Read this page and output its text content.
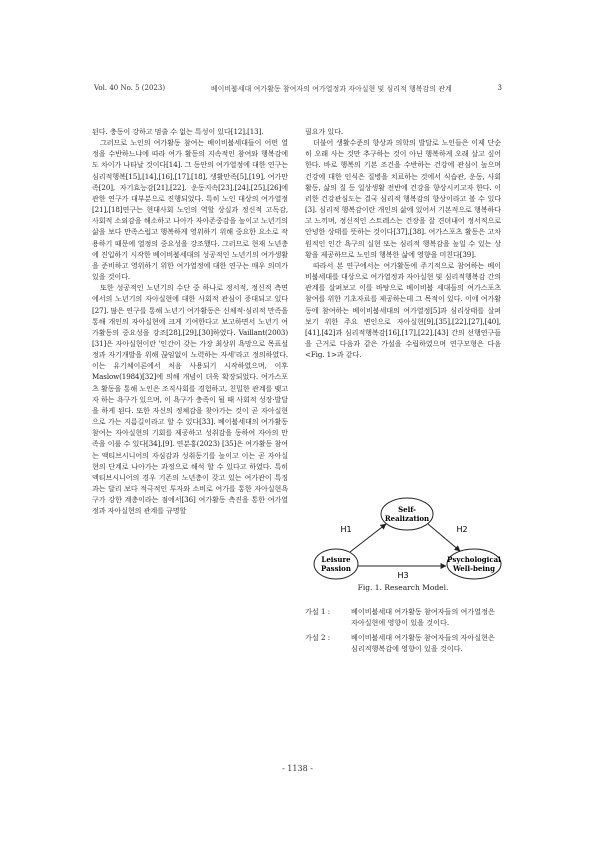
Vol. 40 No. 5 (2023)	베이비붐세대 여가활동 참여자의 여가열정과 자아실현 및 심리적 행복감의 관계	3

된다. 충동이 강하고 멈출 수 없는 특성이 있다[12],[13].

그러므로 노인의 여가활동 참여는 베이비붐세대들이 어떤 열정을 수반하느냐에 따라 여가 활동의 지속적인 참여와 행복감에도 차이가 나타날 것이다[14]. 그 동안의 여가열정에 대한 연구는 심리적행복[15],[14],[16],[17],[18], 생활만족[5],[19], 여가만족[20], 자기효능감[21],[22], 운동지속[23],[24],[25],[26]에 관한 연구가 대부분으로 진행되었다. 특히 노인 대상의 여가열정[21],[18]연구는 현대사회 노인의 역할 상실과 정신적 고독감, 사회적 소외감을 해소하고 나아가 자아존중감을 높이고 노년기의 삶을 보다 만족스럽고 행복하게 영위하기 위해 중요한 요소로 작용하기 때문에 열정의 중요성을 강조했다. 그러므로 현재 노년층에 진입하기 시작한 베이비붐세대의 성공적인 노년기의 여가생활을 준비하고 영위하기 위한 여가열정에 대한 연구는 매우 의미가 있을 것이다.

또한 성공적인 노년기의 수단 중 하나로 정서적, 정신적 측면에서의 노년기의 자아실현에 대한 사회적 관심이 증대되고 있다[27]. 많은 연구를 통해 노년기 여가활동은 신체적·심리적 만족을 통해 개인의 자아실현에 크게 기여한다고 보고하면서 노년기 여가활동의 중요성을 강조[28],[29],[30]하였다. Vaillant(2003)[31]은 자아실현이란 '인간이 갖는 가장 최상위 욕망으로 목표설정과 자기개발을 위해 끊임없이 노력하는 자세'라고 정의하였다. 이는 유기체이론에서 처음 사용되기 시작하였으며, 이후 Maslow(1984)[32]에 의해 개념이 더욱 확장되었다. 여가스포츠 활동을 통해 노인은 조직사회를 경험하고, 친밀한 관계를 맺고자 하는 욕구가 있으며, 이 욕구가 충족이 될 때 사회적 성장·발달을 하게 된다. 또한 자신의 정체감을 찾아가는 것이 곧 자아실현으로 가는 지름길이라고 할 수 있다[33]. 베이붐세대의 여가활동참여는 자아실현의 기회를 제공하고 성취감을 동하여 자아의 만족을 이룰 수 있다[34],[9]. 연분홍(2023) [35]은 여가활동 참여는 액티브시니어의 자심감과 성취동기를 높이고 이는 곧 자아실현의 단계로 나아가는 과정으로 해석 할 수 있다고 하였다. 특히 액티브시니어의 경우 기존의 노년층이 갖고 있는 여가관이 특징과는 달리 보다 적극적인 투자와 소비로 여가를 통한 자아실현욕구가 강한 계층이라는 점에서[36] 여가활동 측진을 통한 여가열정과 자아실현의 관계를 규명할

필요가 있다.

더불어 생활수준의 향상과 의학의 발달로 노인들은 이제 단순히 오래 사는 것만 추구하는 것이 아닌 행복하게 오래 살고 싶어한다. 바로 행복의 기본 조건을 수반하는 건강에 관심이 높으며 건강에 대한 인식은 질병을 치료하는 것에서 식습관, 운동, 사회활동, 삶의 질 등 일상생활 전반에 건강을 향상시키고자 한다. 이러한 건강관심도는 결국 심리적 행복감의 향상이라고 볼 수 있다[3]. 심리적 행복감이란 개인의 삶에 있어서 기본적으로 행복하다고 느끼며, 정신적인 스트레스는 건장을 잘 견뎌내어 정서적으로 안녕한 상태를 뜻하는 것이다[37],[38]. 여가스포츠 활동은 고차원적인 인간 욕구의 실현 또는 심리적 행복감을 높일 수 있는 상황을 제공하므로 노인의 행복한 삶에 영향을 미친다[39].

따라서 본 연구에서는 여가활동에 주기적으로 참여하는 베이비붐세대를 대상으로 여가열정과 자아실현 및 심리적행복감 간의 관계를 살펴보고 이를 바탕으로 베이비붐 세대들의 여가스포츠 참여를 위한 기초자료를 제공하는데 그 목적이 있다. 이에 여가활동에 참여하는 베이비붐세대의 여가열정[5]과 심리상태를 살펴보기 위한 주요 변인으로 자아실현[9],[35],[22],[27],[40],[41],[42]과 심리적행복감[16],[17],[22],[43] 간의 선행연구들을 근거로 다음과 같은 가설을 수립하였으며 연구모형은 다음 <Fig. 1>과 같다.

Self-
Realization
Leisure
Passion
Psychological
Well-being
H1	H2
H3
Fig. 1. Research Model.
가설 1 :	베이비붐세대 여가활동 참여자들의 여가열정은 자아실현에 영향이 있을 것이다.
가설 2 :	베이비붐세대 여가활동 참여자들의 자아실현은 심리적행복감에 영향이 있을 것이다.
- 1138 -
